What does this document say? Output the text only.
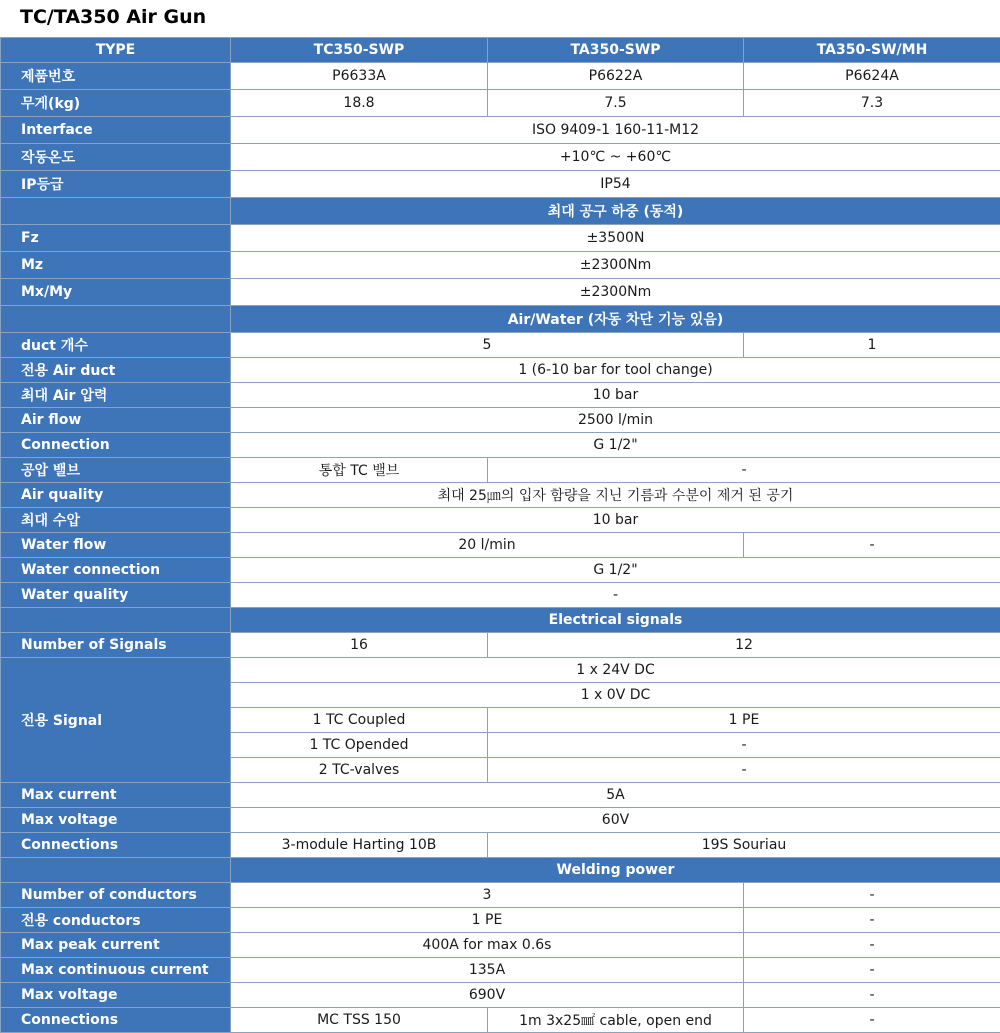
TC/TA350 Air Gun
TYPE	TC350-SWP	TA350-SWP	TA350-SW/MH
제품번호	P6633A	P6622A	P6624A
무게(kg)	18.8	7.5	7.3
Interface	ISO 9409-1 160-11-M12		
작동온도	+10℃ ~ +60℃		
IP등급	IP54		
	최대 공구 하중 (동적)		
Fz	±3500N		
Mz	±2300Nm		
Mx/My	±2300Nm		
	Air/Water (자동 차단 기능 있음)		
duct 개수	5		1
전용 Air duct	1 (6-10 bar for tool change)		
최대 Air 압력	10 bar		
Air flow	2500 l/min		
Connection	G 1/2"		
공압 밸브	통합 TC 밸브	-	
Air quality	최대 25㎛의 입자 함량을 지닌 기름과 수분이 제거 된 공기		
최대 수압	10 bar		
Water flow	20 l/min		-
Water connection	G 1/2"		
Water quality	-		
	Electrical signals		
Number of Signals	16	12	
전용 Signal	1 x 24V DC		
	1 x 0V DC		
	1 TC Coupled	1 PE	
	1 TC Opended	-	
	2 TC-valves	-	
Max current	5A		
Max voltage	60V		
Connections	3-module Harting 10B	19S Souriau	
	Welding power		
Number of conductors	3		-
전용 conductors	1 PE		-
Max peak current	400A for max 0.6s		-
Max continuous current	135A		-
Max voltage	690V		-
Connections	MC TSS 150	1m 3x25㎟ cable, open end	-
